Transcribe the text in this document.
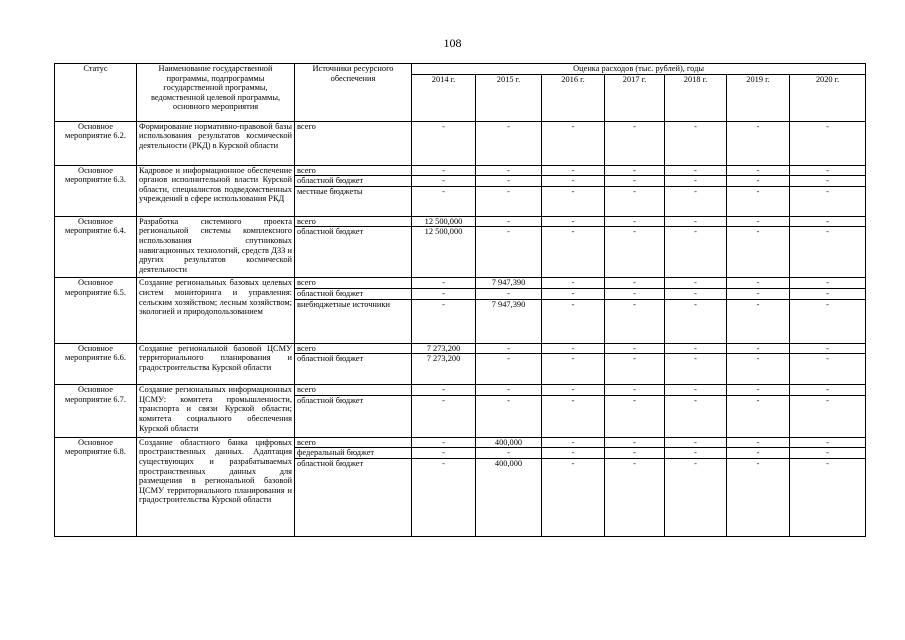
108
Статус	Наименование государственной программы, подпрограммы государственной программы, ведомственной целевой программы, основного мероприятия	Источники ресурсного обеспечения	Оценка расходов (тыс. рублей), годы						
			2014 г.	2015 г.	2016 г.	2017 г.	2018 г.	2019 г.	2020 г.
Основное мероприятие 6.2.	Формирование нормативно-правовой базы использования результатов космической деятельности (РКД) в Курской области	всего	-	-	-	-	-	-	-
Основное мероприятие 6.3.	Кадровое и информационное обеспечение органов исполнительной власти Курской области, специалистов подведомственных учреждений в сфере использования РКД	всего	-	-	-	-	-	-	-
		областной бюджет	-	-	-	-	-	-	-
		местные бюджеты	-	-	-	-	-	-	-
Основное мероприятие 6.4.	Разработка системного проекта региональной системы комплексного использования спутниковых навигационных технологий, средств ДЗЗ и других результатов космической деятельности	всего	12 500,000	-	-	-	-	-	-
		областной бюджет	12 500,000	-	-	-	-	-	-
Основное мероприятие 6.5.	Создание региональных базовых целевых систем мониторинга и управления: сельским хозяйством; лесным хозяйством; экологией и природопользованием	всего	-	7 947,390	-	-	-	-	-
		областной бюджет	-	-	-	-	-	-	-
		внебюджетные источники	-	7 947,390	-	-	-	-	-
Основное мероприятие 6.6.	Создание региональной базовой ЦСМУ территориального планирования и градостроительства Курской области	всего	7 273,200	-	-	-	-	-	-
		областной бюджет	7 273,200	-	-	-	-	-	-
Основное мероприятие 6.7.	Создание региональных информационных ЦСМУ: комитета промышленности, транспорта и связи Курской области; комитета социального обеспечения Курской области	всего	-	-	-	-	-	-	-
		областной бюджет	-	-	-	-	-	-	-
Основное мероприятие 6.8.	Создание областного банка цифровых пространственных данных. Адаптация существующих и разрабатываемых пространственных данных для размещения в региональной базовой ЦСМУ территориального планирования и градостроительства Курской области	всего	-	400,000	-	-	-	-	-
		федеральный бюджет	-	-	-	-	-	-	-
		областной бюджет	-	400,000	-	-	-	-	-
